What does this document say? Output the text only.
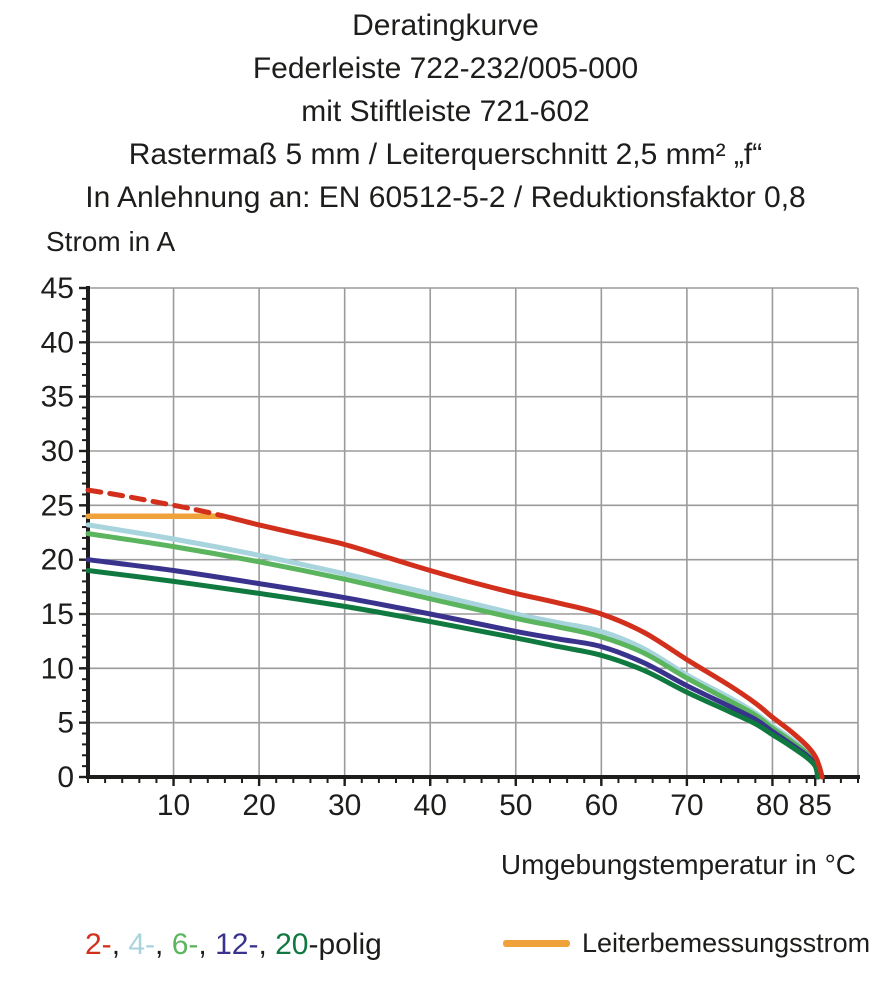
Deratingkurve
Federleiste 722-232/005-000
mit Stiftleiste 721-602
Rastermaß 5 mm / Leiterquerschnitt 2,5 mm² „f“
In Anlehnung an: EN 60512-5-2 / Reduktionsfaktor 0,8
Strom in A
10 20 30 40 50 60 70 80 85
0
5
10
15
20
25
30
35
40
45
Umgebungstemperatur in °C
2-, 4-, 6-, 12-, 20-polig	Leiterbemessungsstrom
